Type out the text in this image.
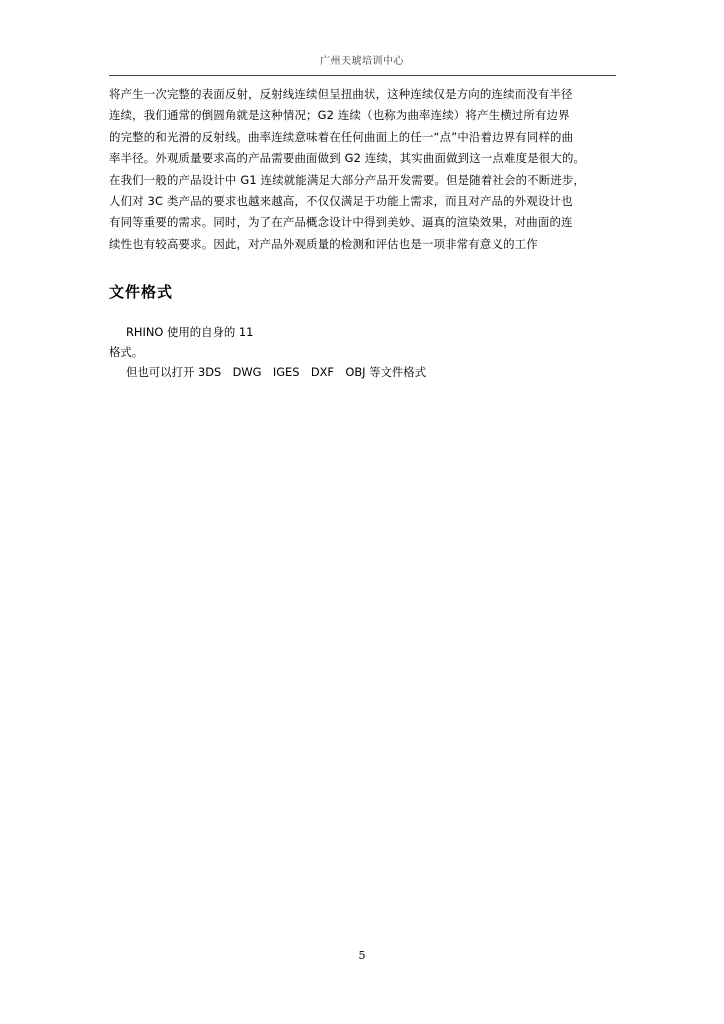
广州天琥培训中心
将产生一次完整的表面反射，反射线连续但呈扭曲状，这种连续仅是方向的连续而没有半径
连续，我们通常的倒圆角就是这种情况；G2 连续（也称为曲率连续）将产生横过所有边界
的完整的和光滑的反射线。曲率连续意味着在任何曲面上的任一“点”中沿着边界有同样的曲
率半径。外观质量要求高的产品需要曲面做到 G2 连续，其实曲面做到这一点难度是很大的。
在我们一般的产品设计中 G1 连续就能满足大部分产品开发需要。但是随着社会的不断进步，
人们对 3C 类产品的要求也越来越高，不仅仅满足于功能上需求，而且对产品的外观设计也
有同等重要的需求。同时，为了在产品概念设计中得到美妙、逼真的渲染效果，对曲面的连
续性也有较高要求。因此，对产品外观质量的检测和评估也是一项非常有意义的工作
文件格式
RHINO 使用的自身的 11
格式。
但也可以打开 3DS　DWG　IGES　DXF　OBJ 等文件格式
5
